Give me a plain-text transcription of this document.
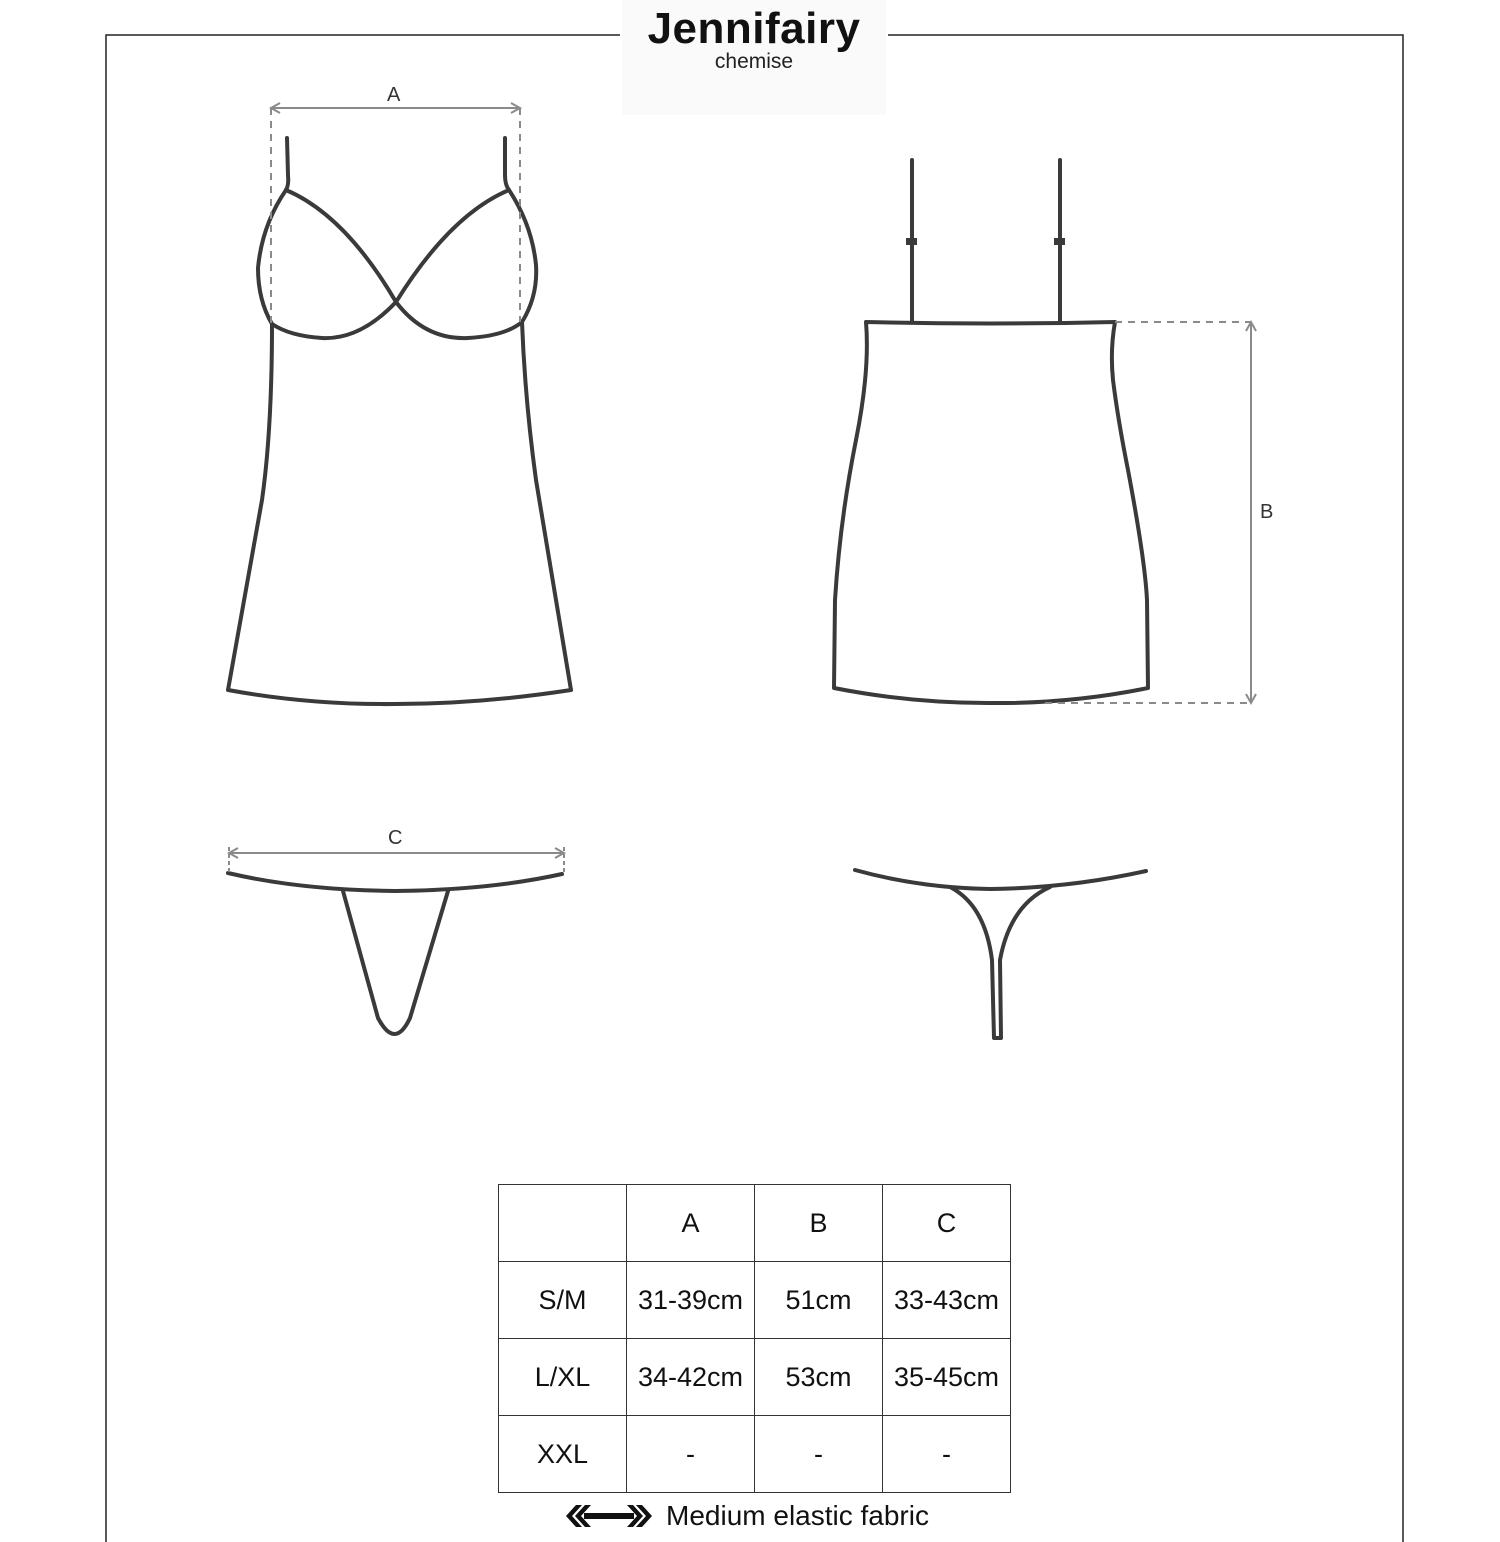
Jennifairy
chemise
A
B
C
	A	B	C
S/M	31-39cm	51cm	33-43cm
L/XL	34-42cm	53cm	35-45cm
XXL	-	-	-
Medium elastic fabric
